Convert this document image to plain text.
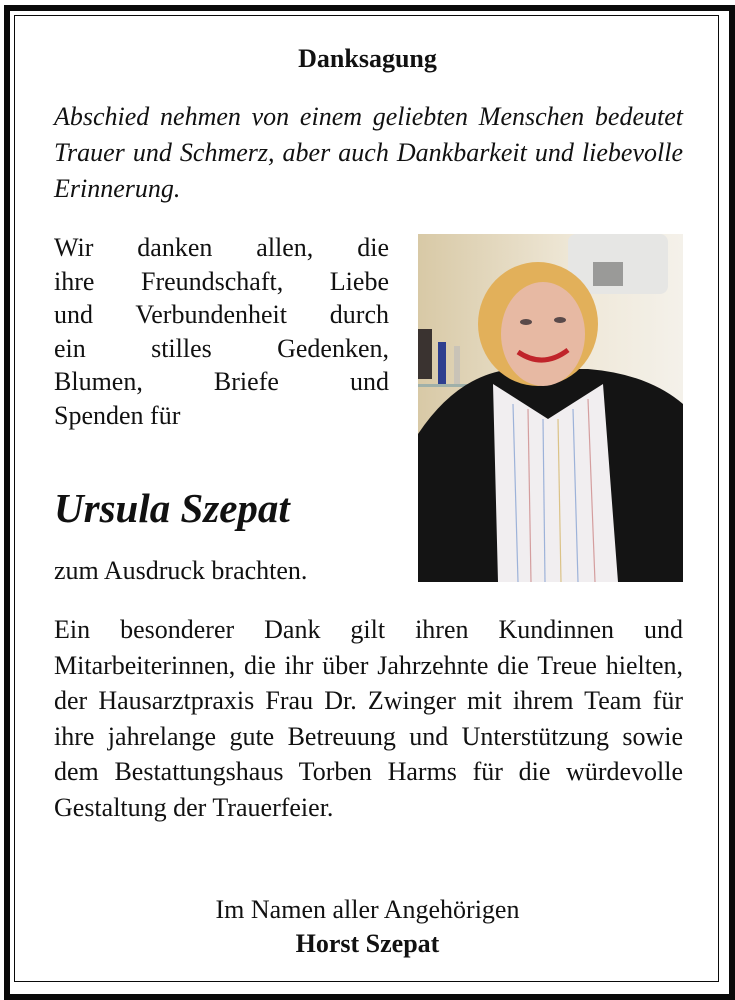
Danksagung
Abschied nehmen von einem geliebten Menschen bedeutet Trauer und Schmerz, aber auch Dankbarkeit und liebevolle Erinnerung.
Wir danken allen, die
ihre Freundschaft, Liebe
und Verbundenheit durch
ein stilles Gedenken,
Blumen, Briefe und
Spenden für
Ursula Szepat
zum Ausdruck brachten.
Ein besonderer Dank gilt ihren Kundinnen und Mitarbeiterinnen, die ihr über Jahrzehnte die Treue hielten, der Hausarztpraxis Frau Dr. Zwinger mit ihrem Team für ihre jahrelange gute Betreuung und Unterstützung sowie dem Bestattungshaus Torben Harms für die würdevolle Gestaltung der Trauerfeier.
Im Namen aller Angehörigen
Horst Szepat
